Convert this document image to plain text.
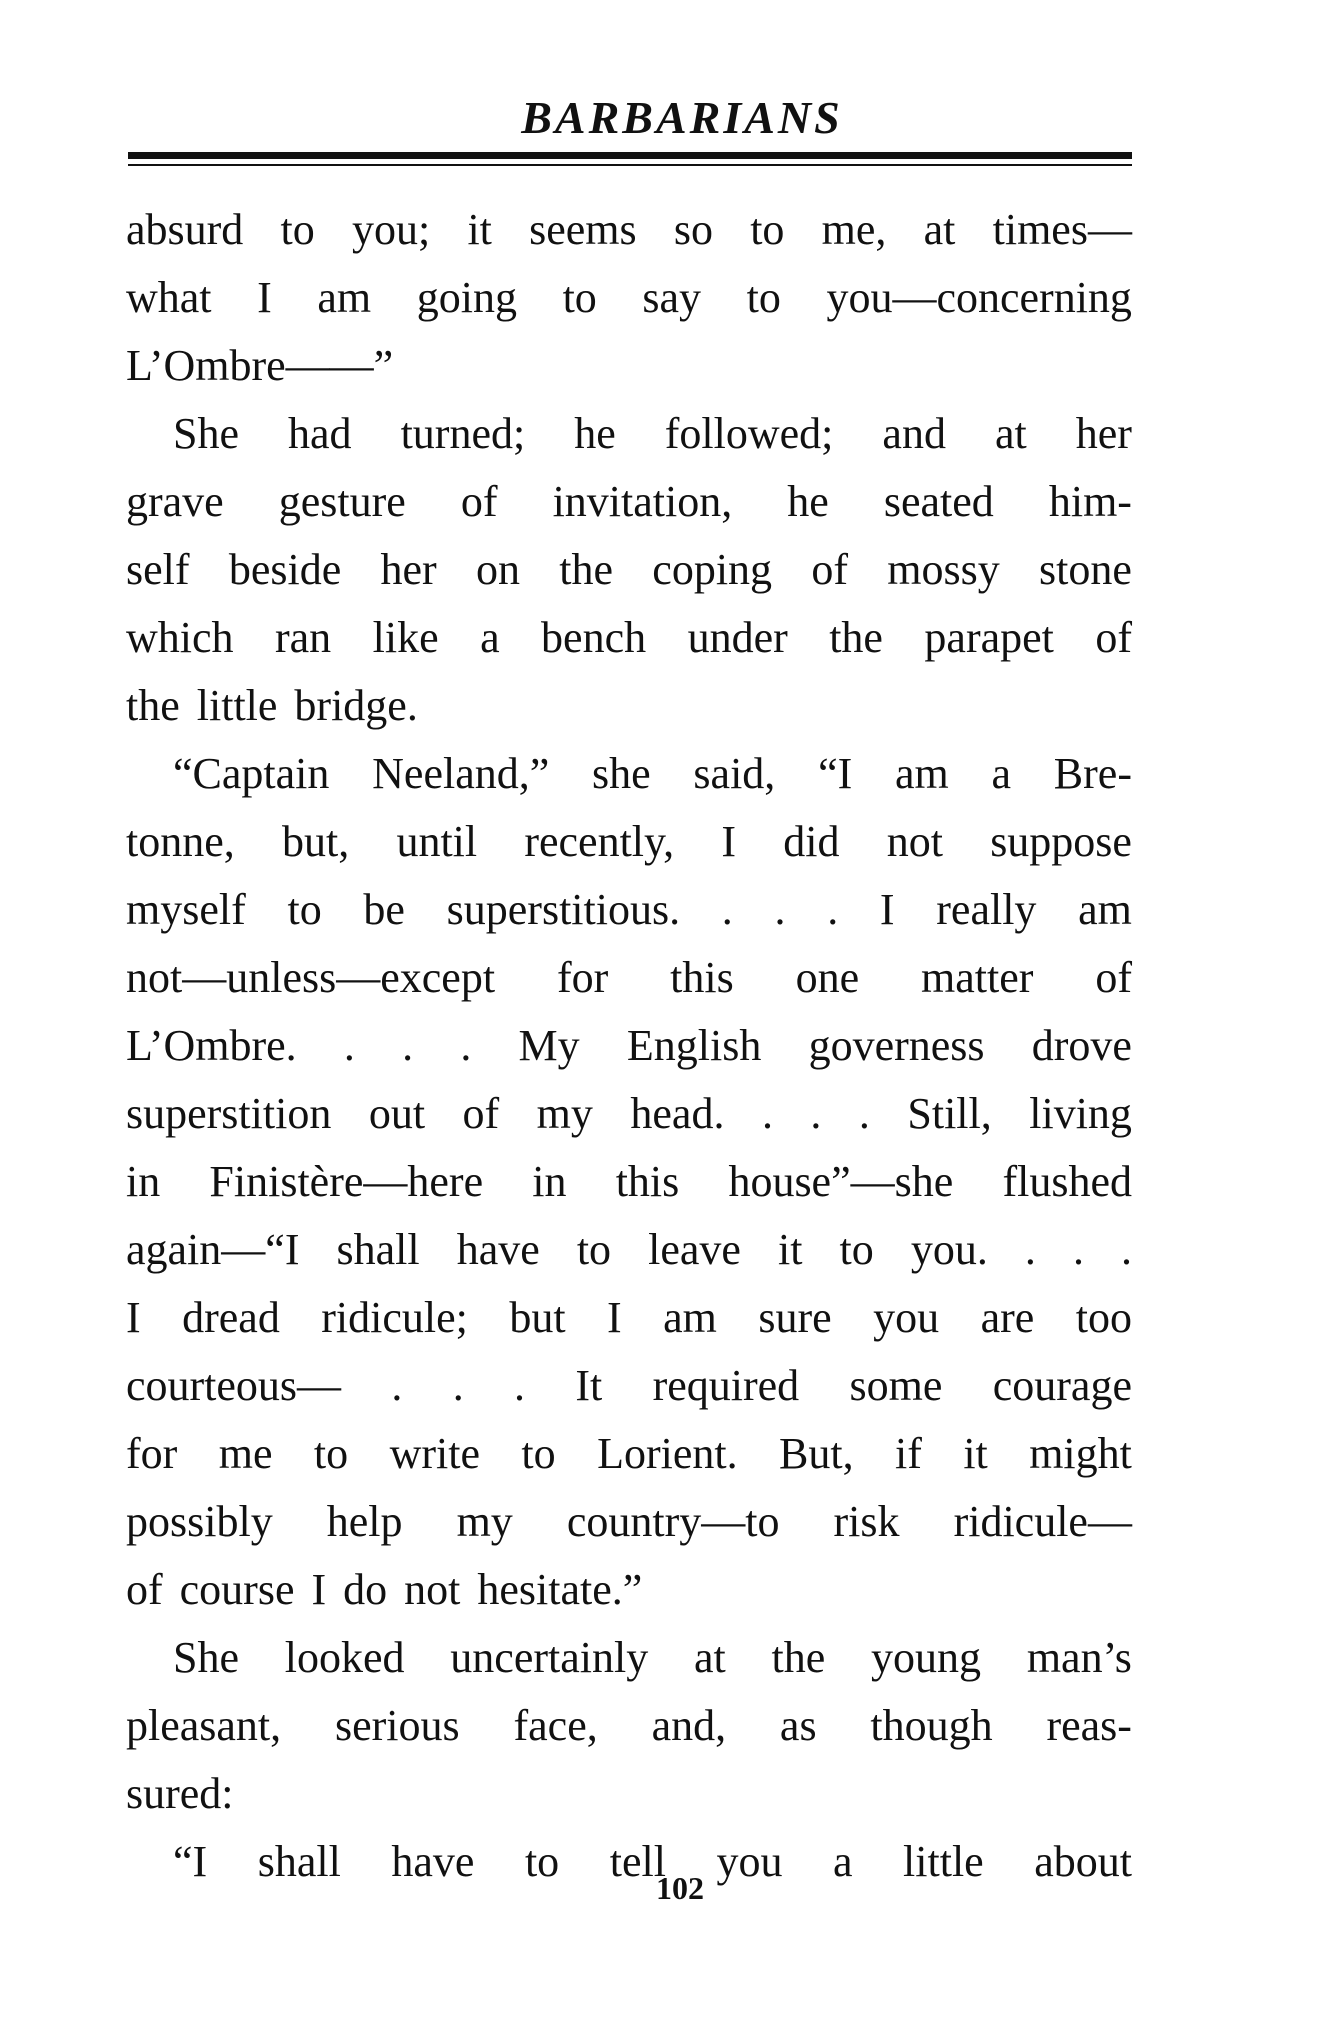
BARBARIANS
absurd to you; it seems so to me, at times—
what I am going to say to you—concerning
L’Ombre——”
She had turned; he followed; and at her
grave gesture of invitation, he seated him-
self beside her on the coping of mossy stone
which ran like a bench under the parapet of
the little bridge.
“Captain Neeland,” she said, “I am a Bre-
tonne, but, until recently, I did not suppose
myself to be superstitious. . . . I really am
not—unless—except for this one matter of
L’Ombre. . . . My English governess drove
superstition out of my head. . . . Still, living
in Finistère—here in this house”—she flushed
again—“I shall have to leave it to you. . . .
I dread ridicule; but I am sure you are too
courteous— . . . It required some courage
for me to write to Lorient. But, if it might
possibly help my country—to risk ridicule—
of course I do not hesitate.”
She looked uncertainly at the young man’s
pleasant, serious face, and, as though reas-
sured:
“I shall have to tell you a little about
102
